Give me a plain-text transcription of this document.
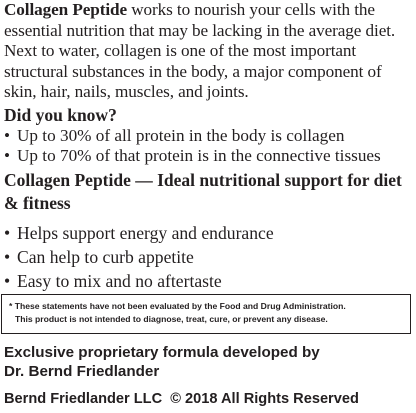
Collagen Peptide works to nourish your cells with the essential nutrition that may be lacking in the average diet. Next to water, collagen is one of the most important structural substances in the body, a major component of skin, hair, nails, muscles, and joints.
Did you know?
• Up to 30% of all protein in the body is collagen
• Up to 70% of that protein is in the connective tissues
Collagen Peptide — Ideal nutritional support for diet & fitness
• Helps support energy and endurance
• Can help to curb appetite
• Easy to mix and no aftertaste
* These statements have not been evaluated by the Food and Drug Administration.
This product is not intended to diagnose, treat, cure, or prevent any disease.
Exclusive proprietary formula developed by Dr. Bernd Friedlander
Bernd Friedlander LLC  © 2018 All Rights Reserved
